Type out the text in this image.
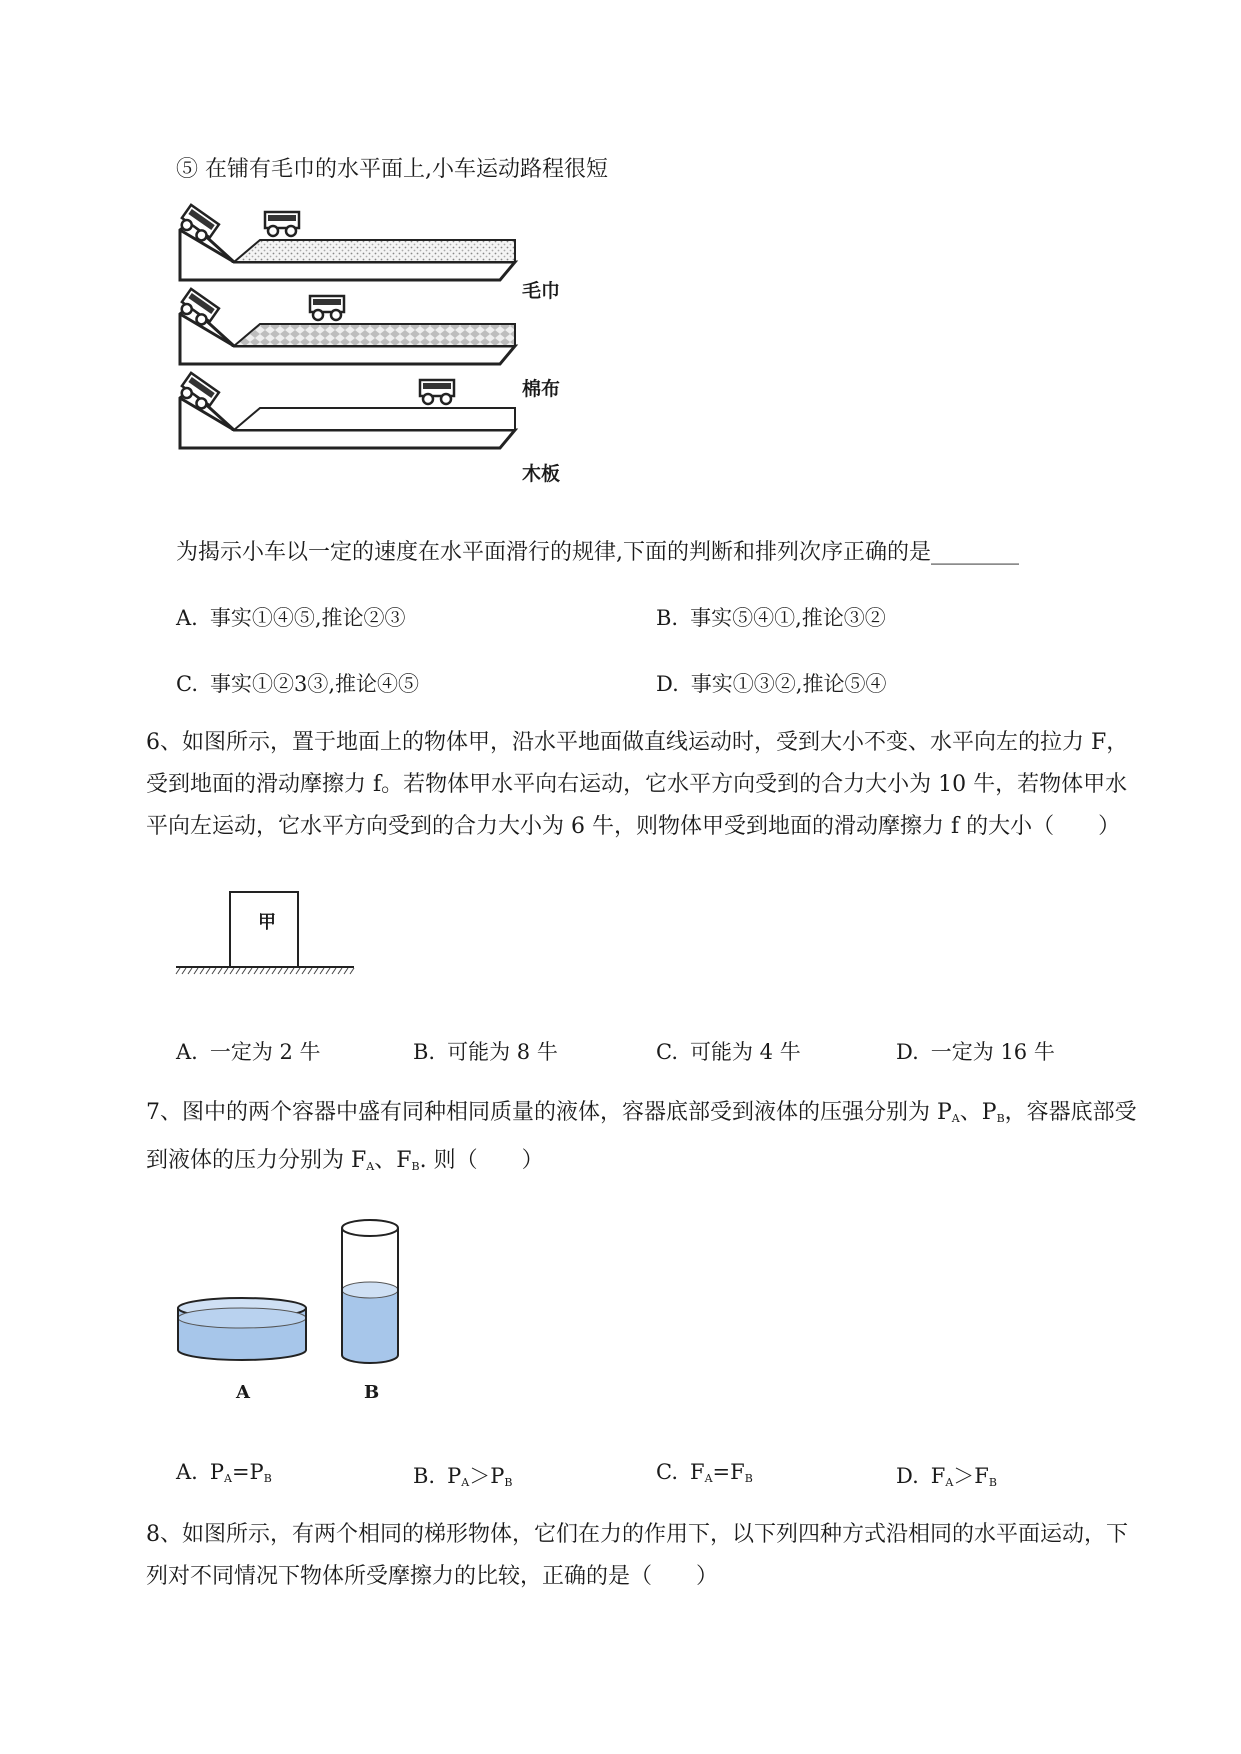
⑤ 在铺有毛巾的水平面上,小车运动路程很短
毛巾
棉布
木板
为揭示小车以一定的速度在水平面滑行的规律,下面的判断和排列次序正确的是________
A. 事实①④⑤,推论②③	B. 事实⑤④①,推论③②
C. 事实①②3③,推论④⑤	D. 事实①③②,推论⑤④
6、如图所示，置于地面上的物体甲，沿水平地面做直线运动时，受到大小不变、水平向左的拉力 F，受到地面的滑动摩擦力 f。若物体甲水平向右运动，它水平方向受到的合力大小为 10 牛，若物体甲水平向左运动，它水平方向受到的合力大小为 6 牛，则物体甲受到地面的滑动摩擦力 f 的大小（　　）
甲
A. 一定为 2 牛	B. 可能为 8 牛	C. 可能为 4 牛	D. 一定为 16 牛
7、图中的两个容器中盛有同种相同质量的液体，容器底部受到液体的压强分别为 $P_A$、$P_B$，容器底部受到液体的压力分别为 $F_A$、$F_B$. 则（　　）
A	B
A. $P_A=P_B$	B. $P_A>P_B$	C. $F_A=F_B$	D. $F_A>F_B$
8、如图所示，有两个相同的梯形物体，它们在力的作用下，以下列四种方式沿相同的水平面运动，下列对不同情况下物体所受摩擦力的比较，正确的是（　　）
